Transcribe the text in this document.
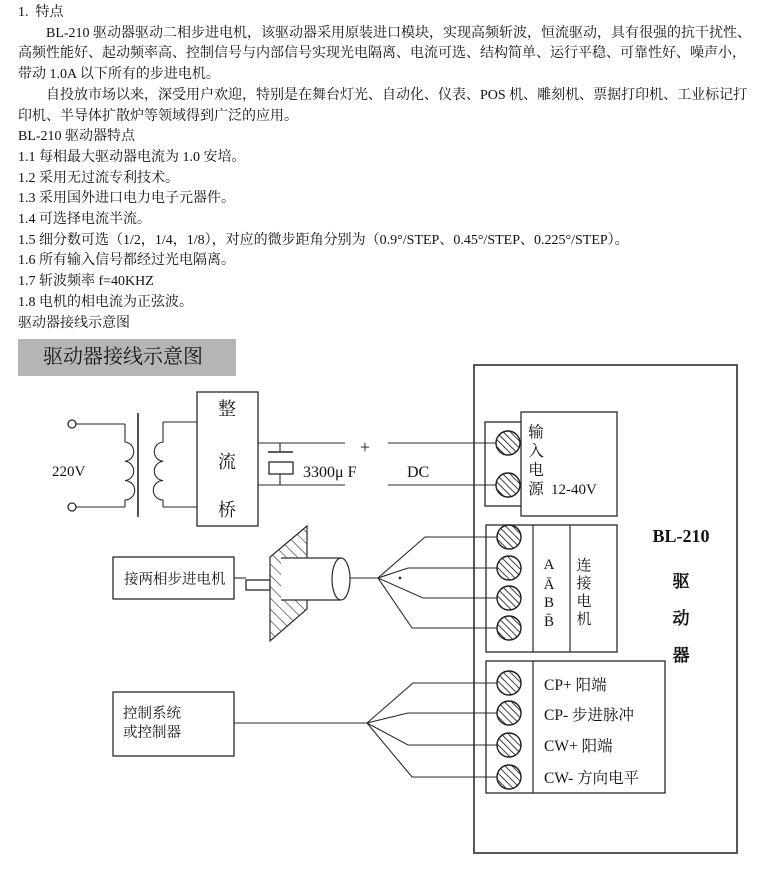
1.  特点
　　BL-210 驱动器驱动二相步进电机，该驱动器采用原装进口模块，实现高频斩波，恒流驱动，具有很强的抗干扰性、
高频性能好、起动频率高、控制信号与内部信号实现光电隔离、电流可选、结构简单、运行平稳、可靠性好、噪声小，
带动 1.0A 以下所有的步进电机。
　　自投放市场以来，深受用户欢迎，特别是在舞台灯光、自动化、仪表、POS 机、雕刻机、票据打印机、工业标记打
印机、半导体扩散炉等领域得到广泛的应用。
BL-210 驱动器特点
1.1 每相最大驱动器电流为 1.0 安培。
1.2 采用无过流专利技术。
1.3 采用国外进口电力电子元器件。
1.4 可选择电流半流。
1.5 细分数可选（1/2，1/4，1/8），对应的微步距角分别为（0.9°/STEP、0.45°/STEP、0.225°/STEP）。
1.6 所有输入信号都经过光电隔离。
1.7 斩波频率 f=40KHZ
1.8 电机的相电流为正弦波。
驱动器接线示意图
驱动器接线示意图
220V
整
流
桥
3300μ F
+
DC
输
入
电
源 12-40V
BL-210
驱
动
器
A
Ā
B
B̄
连
接
电
机
接两相步进电机
控制系统
或控制器
CP+ 阳端
CP- 步进脉冲
CW+ 阳端
CW- 方向电平
